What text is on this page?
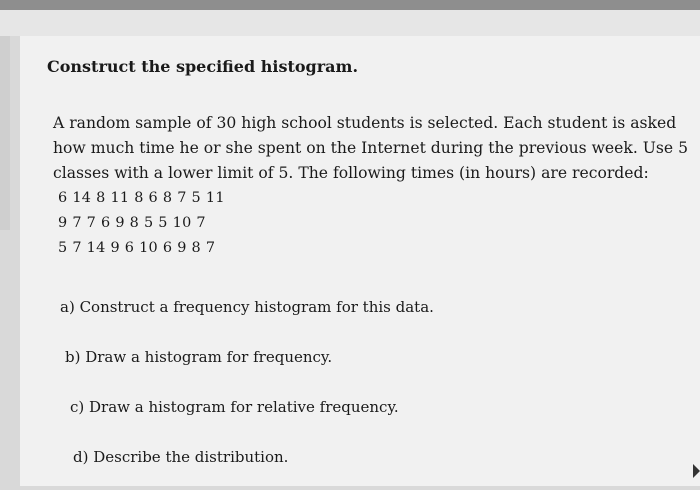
Construct the specified histogram.

A random sample of 30 high school students is selected. Each student is asked how much time he or she spent on the Internet during the previous week. Use 5 classes with a lower limit of 5. The following times (in hours) are recorded:

6 14 8 11 8 6 8 7 5 11
9 7 7 6 9 8 5 5 10 7
5 7 14 9 6 10 6 9 8 7
a) Construct a frequency histogram for this data.
b) Draw a histogram for frequency.
c) Draw a histogram for relative frequency.
d) Describe the distribution.
